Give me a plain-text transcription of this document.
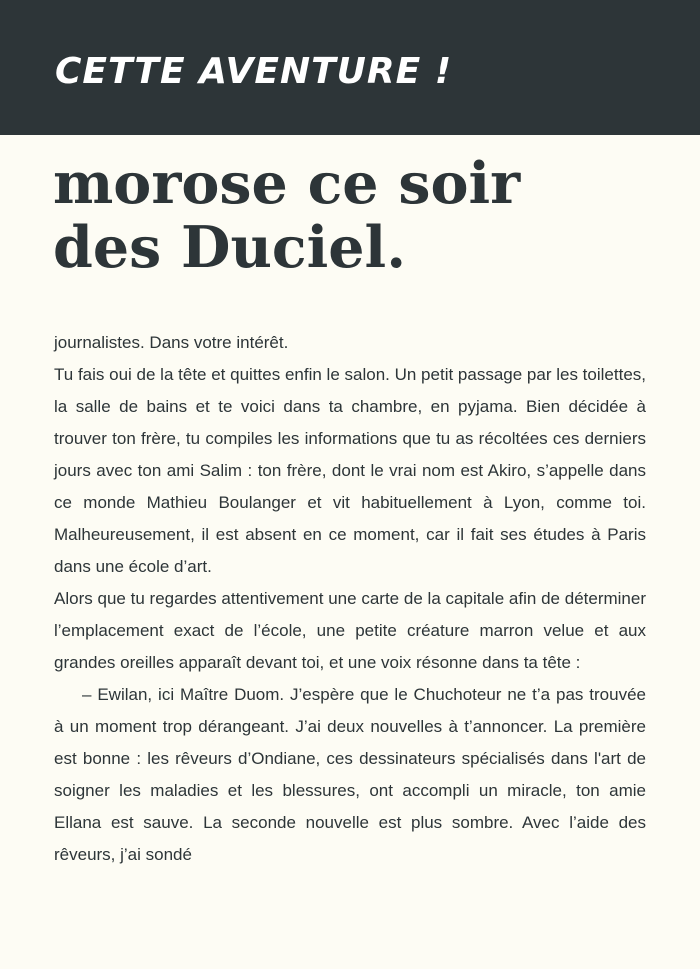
CETTE AVENTURE !
morose ce soir
des Duciel.

journalistes. Dans votre intérêt.

Tu fais oui de la tête et quittes enfin le salon. Un petit passage par les toilettes, la salle de bains et te voici dans ta chambre, en pyjama. Bien décidée à trouver ton frère, tu compiles les informations que tu as récoltées ces derniers jours avec ton ami Salim : ton frère, dont le vrai nom est Akiro, s’appelle dans ce monde Mathieu Boulanger et vit habituellement à Lyon, comme toi. Malheureusement, il est absent en ce moment, car il fait ses études à Paris dans une école d’art.

Alors que tu regardes attentivement une carte de la capitale afin de déterminer l’emplacement exact de l’école, une petite créature marron velue et aux grandes oreilles apparaît devant toi, et une voix résonne dans ta tête :

– Ewilan, ici Maître Duom. J’espère que le Chuchoteur ne t’a pas trouvée à un moment trop dérangeant. J’ai deux nouvelles à t’annoncer. La première est bonne : les rêveurs d’Ondiane, ces dessinateurs spécialisés dans l'art de soigner les maladies et les blessures, ont accompli un miracle, ton amie Ellana est sauve. La seconde nouvelle est plus sombre. Avec l’aide des rêveurs, j’ai sondé
